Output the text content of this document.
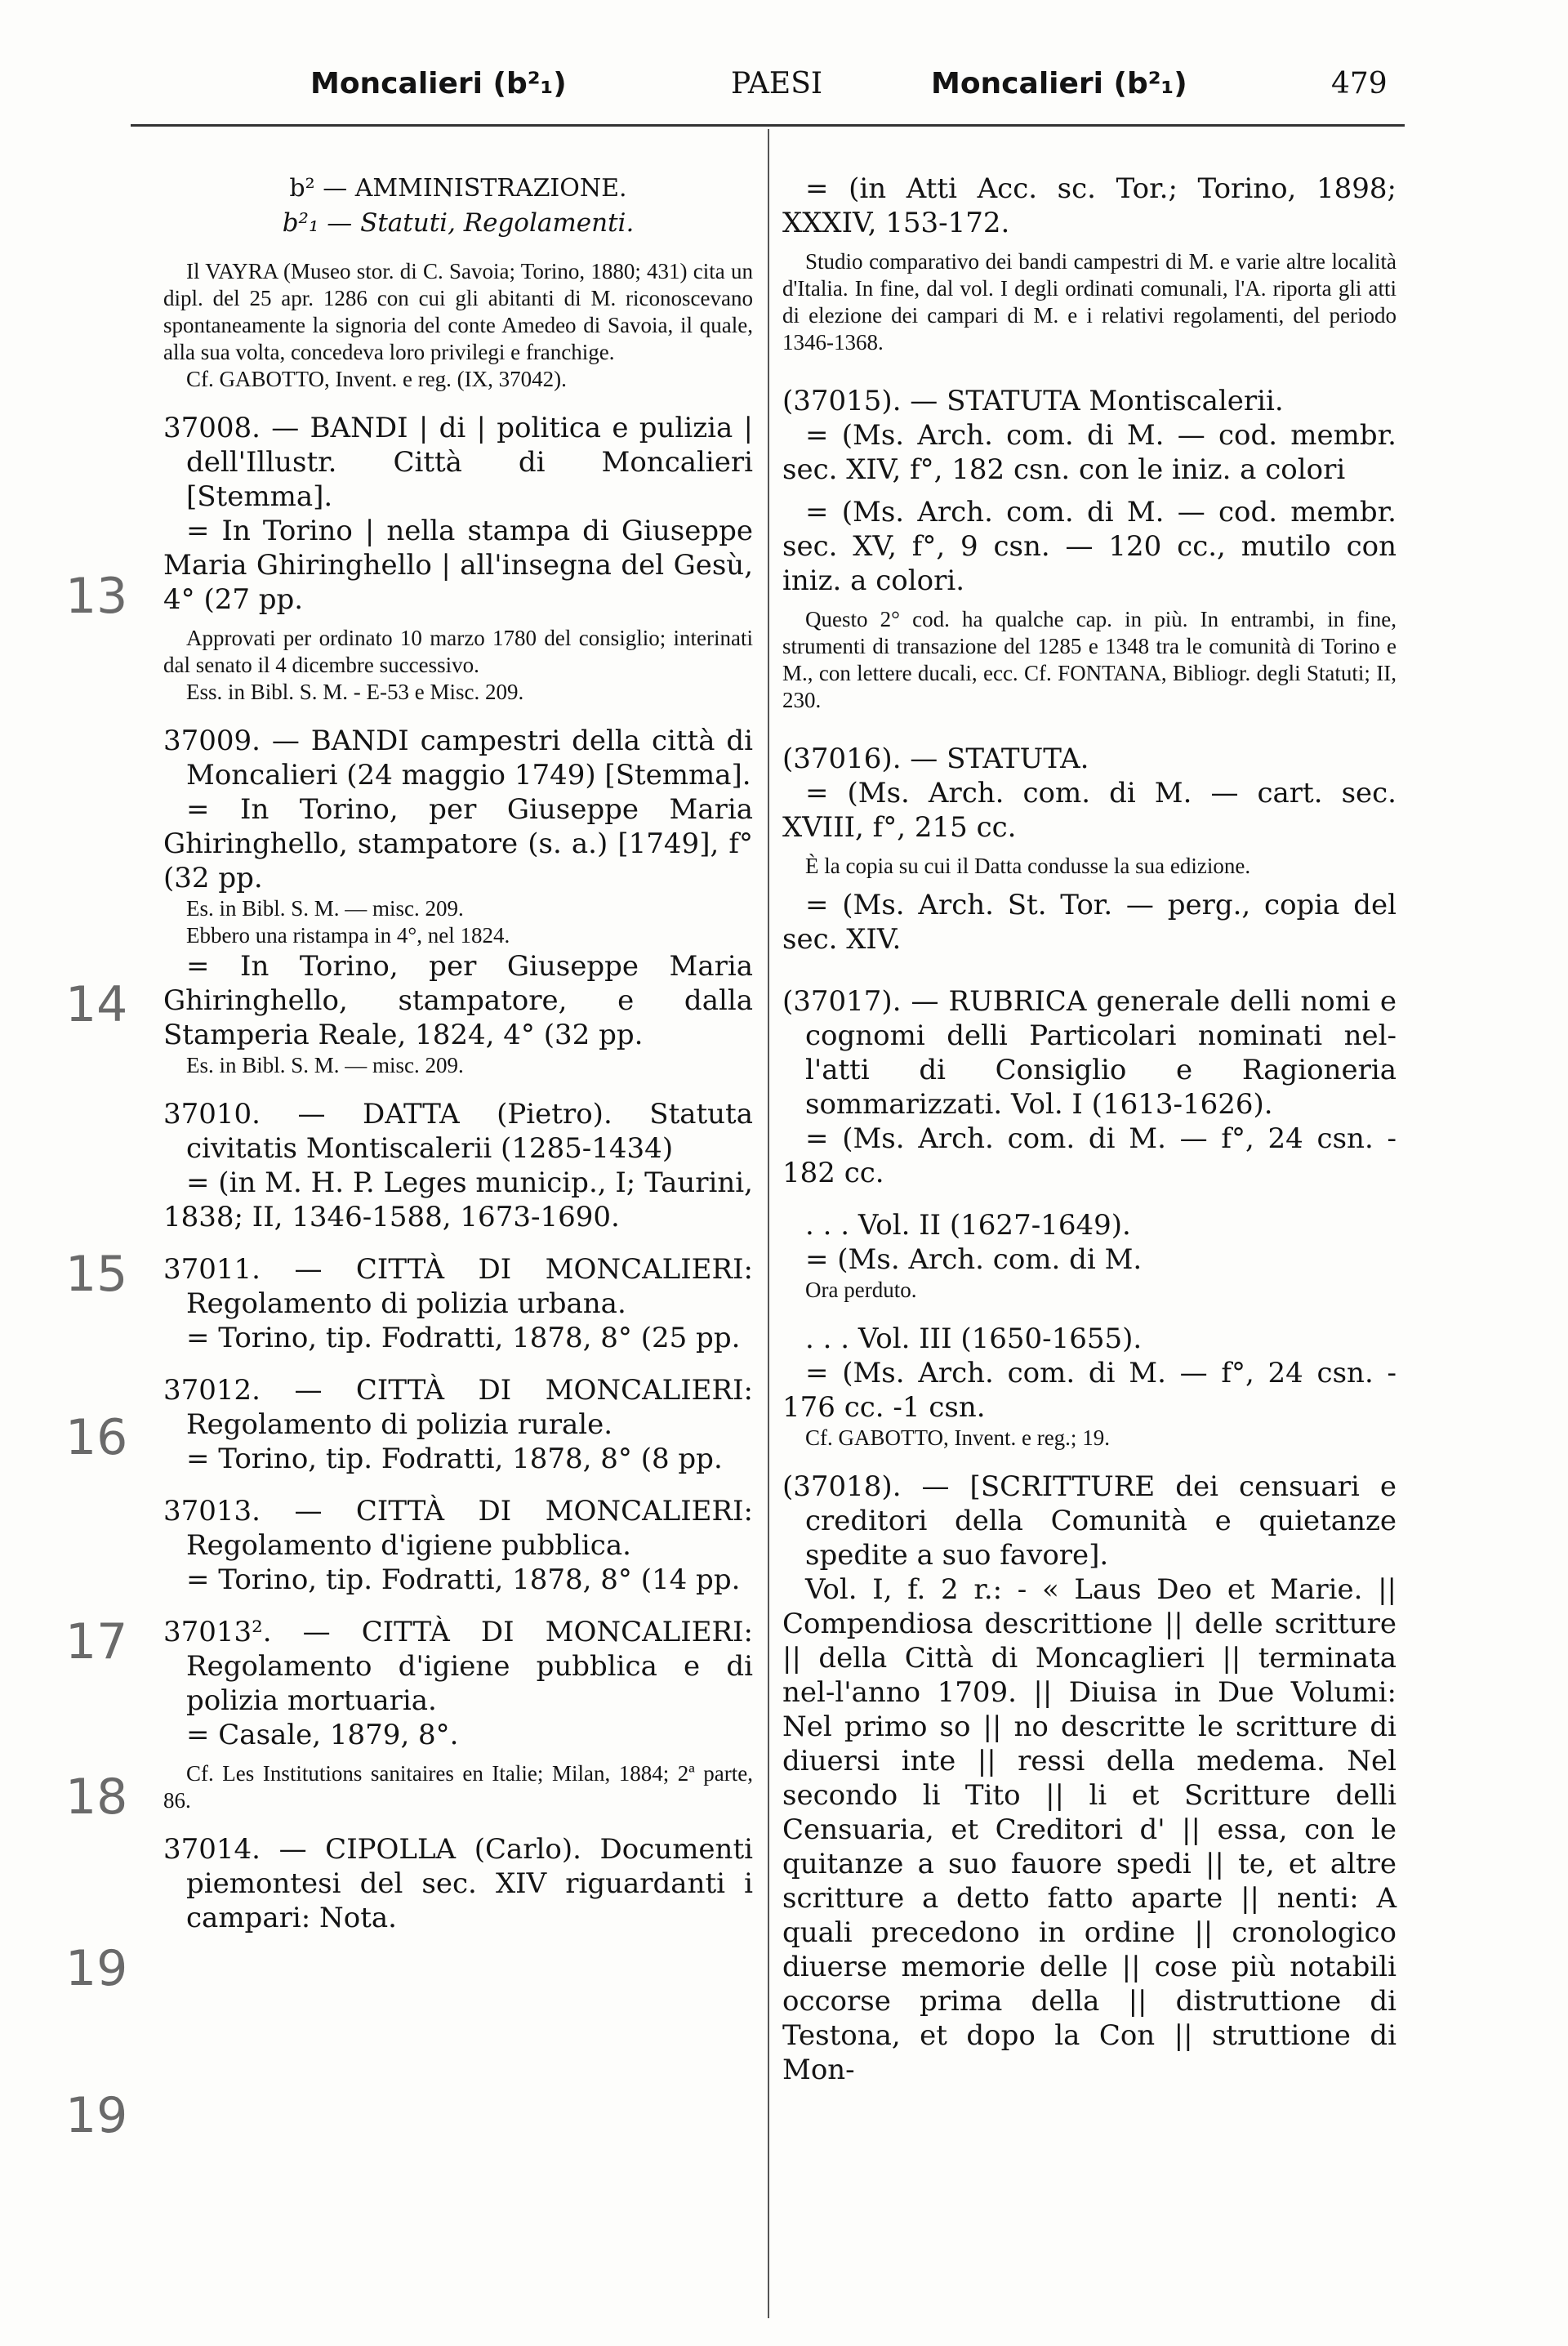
Moncalieri (b²₁)	PAESI	Moncalieri (b²₁)	479
13
14
15
16
17
18
19
19
b² — AMMINISTRAZIONE.
b²₁ — Statuti, Regolamenti.
Il VAYRA (Museo stor. di C. Savoia; Torino, 1880; 431) cita un dipl. del 25 apr. 1286 con cui gli abitanti di M. riconoscevano spontaneamente la signoria del conte Amedeo di Savoia, il quale, alla sua volta, concedeva loro privilegi e franchige.
Cf. GABOTTO, Invent. e reg. (IX, 37042).
37008. — BANDI | di | politica e pulizia | dell'Illustr. Città di Moncalieri [Stemma].
= In Torino | nella stampa di Giuseppe Maria Ghiringhello | all'insegna del Gesù, 4° (27 pp.
Approvati per ordinato 10 marzo 1780 del consiglio; interinati dal senato il 4 dicembre successivo.
Ess. in Bibl. S. M. - E-53 e Misc. 209.
37009. — BANDI campestri della città di Moncalieri (24 maggio 1749) [Stemma].
= In Torino, per Giuseppe Maria Ghiringhello, stampatore (s. a.) [1749], f° (32 pp.
Es. in Bibl. S. M. — misc. 209.
Ebbero una ristampa in 4°, nel 1824.
= In Torino, per Giuseppe Maria Ghiringhello, stampatore, e dalla Stamperia Reale, 1824, 4° (32 pp.
Es. in Bibl. S. M. — misc. 209.
37010. — DATTA (Pietro). Statuta civitatis Montiscalerii (1285-1434)
= (in M. H. P. Leges municip., I; Taurini, 1838; II, 1346-1588, 1673-1690.
37011. — CITTÀ DI MONCALIERI: Regolamento di polizia urbana.
= Torino, tip. Fodratti, 1878, 8° (25 pp.
37012. — CITTÀ DI MONCALIERI: Regolamento di polizia rurale.
= Torino, tip. Fodratti, 1878, 8° (8 pp.
37013. — CITTÀ DI MONCALIERI: Regolamento d'igiene pubblica.
= Torino, tip. Fodratti, 1878, 8° (14 pp.
37013². — CITTÀ DI MONCALIERI: Regolamento d'igiene pubblica e di polizia mortuaria.
= Casale, 1879, 8°.
Cf. Les Institutions sanitaires en Italie; Milan, 1884; 2ª parte, 86.
37014. — CIPOLLA (Carlo). Documenti piemontesi del sec. XIV riguardanti i campari: Nota.
= (in Atti Acc. sc. Tor.; Torino, 1898; XXXIV, 153-172.
Studio comparativo dei bandi campestri di M. e varie altre località d'Italia. In fine, dal vol. I degli ordinati comunali, l'A. riporta gli atti di elezione dei campari di M. e i relativi regolamenti, del periodo 1346-1368.
(37015). — STATUTA Montiscalerii.
= (Ms. Arch. com. di M. — cod. membr. sec. XIV, f°, 182 csn. con le iniz. a colori
= (Ms. Arch. com. di M. — cod. membr. sec. XV, f°, 9 csn. — 120 cc., mutilo con iniz. a colori.
Questo 2° cod. ha qualche cap. in più. In entrambi, in fine, strumenti di transazione del 1285 e 1348 tra le comunità di Torino e M., con lettere ducali, ecc. Cf. FONTANA, Bibliogr. degli Statuti; II, 230.
(37016). — STATUTA.
= (Ms. Arch. com. di M. — cart. sec. XVIII, f°, 215 cc.
È la copia su cui il Datta condusse la sua edizione.
= (Ms. Arch. St. Tor. — perg., copia del sec. XIV.
(37017). — RUBRICA generale delli nomi e cognomi delli Particolari nominati nel-l'atti di Consiglio e Ragioneria sommarizzati. Vol. I (1613-1626).
= (Ms. Arch. com. di M. — f°, 24 csn. - 182 cc.
. . . Vol. II (1627-1649).
= (Ms. Arch. com. di M.
Ora perduto.
. . . Vol. III (1650-1655).
= (Ms. Arch. com. di M. — f°, 24 csn. - 176 cc. -1 csn.
Cf. GABOTTO, Invent. e reg.; 19.
(37018). — [SCRITTURE dei censuari e creditori della Comunità e quietanze spedite a suo favore].
Vol. I, f. 2 r.: - « Laus Deo et Marie. || Compendiosa descrittione || delle scritture || della Città di Moncaglieri || terminata nel-l'anno 1709. || Diuisa in Due Volumi: Nel primo so || no descritte le scritture di diuersi inte || ressi della medema. Nel secondo li Tito || li et Scritture delli Censuaria, et Creditori d' || essa, con le quitanze a suo fauore spedi || te, et altre scritture a detto fatto aparte || nenti: A quali precedono in ordine || cronologico diuerse memorie delle || cose più notabili occorse prima della || distruttione di Testona, et dopo la Con || struttione di Mon-
